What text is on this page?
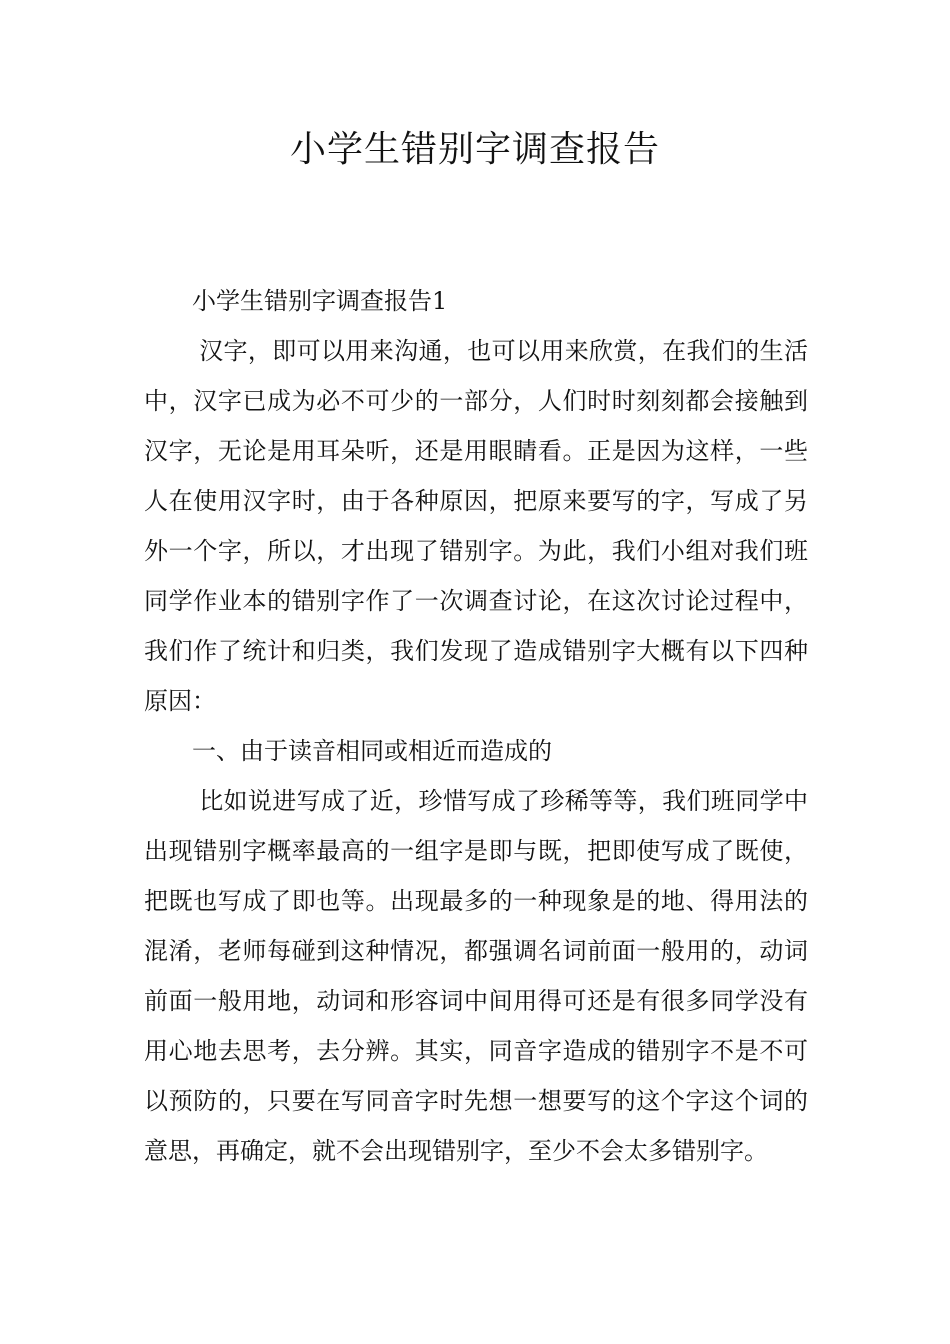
小学生错别字调查报告

小学生错别字调查报告1

汉字，即可以用来沟通，也可以用来欣赏，在我们的生活中，汉字已成为必不可少的一部分，人们时时刻刻都会接触到汉字，无论是用耳朵听，还是用眼睛看。正是因为这样，一些人在使用汉字时，由于各种原因，把原来要写的字，写成了另外一个字，所以，才出现了错别字。为此，我们小组对我们班同学作业本的错别字作了一次调查讨论，在这次讨论过程中，我们作了统计和归类，我们发现了造成错别字大概有以下四种原因：

一、由于读音相同或相近而造成的

比如说进写成了近，珍惜写成了珍稀等等，我们班同学中出现错别字概率最高的一组字是即与既，把即使写成了既使，把既也写成了即也等。出现最多的一种现象是的地、得用法的混淆，老师每碰到这种情况，都强调名词前面一般用的，动词前面一般用地，动词和形容词中间用得可还是有很多同学没有用心地去思考，去分辨。其实，同音字造成的错别字不是不可以预防的，只要在写同音字时先想一想要写的这个字这个词的意思，再确定，就不会出现错别字，至少不会太多错别字。
